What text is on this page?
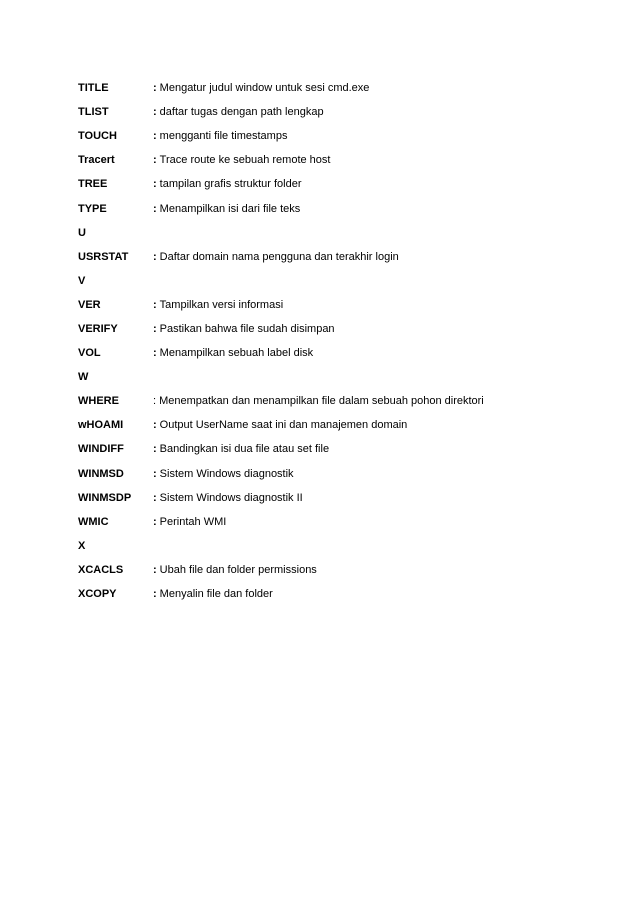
TITLE	: Mengatur judul window untuk sesi cmd.exe
TLIST	: daftar tugas dengan path lengkap
TOUCH	: mengganti file timestamps
Tracert	: Trace route ke sebuah remote host
TREE	: tampilan grafis struktur folder
TYPE	: Menampilkan isi dari file teks
U
USRSTAT	: Daftar domain nama pengguna dan terakhir login
V
VER	: Tampilkan versi informasi
VERIFY	: Pastikan bahwa file sudah disimpan
VOL	: Menampilkan sebuah label disk
W
WHERE	: Menempatkan dan menampilkan file dalam sebuah pohon direktori
wHOAMI	: Output UserName saat ini dan manajemen domain
WINDIFF	: Bandingkan isi dua file atau set file
WINMSD	: Sistem Windows diagnostik
WINMSDP	: Sistem Windows diagnostik II
WMIC	: Perintah WMI
X
XCACLS	: Ubah file dan folder permissions
XCOPY	: Menyalin file dan folder
